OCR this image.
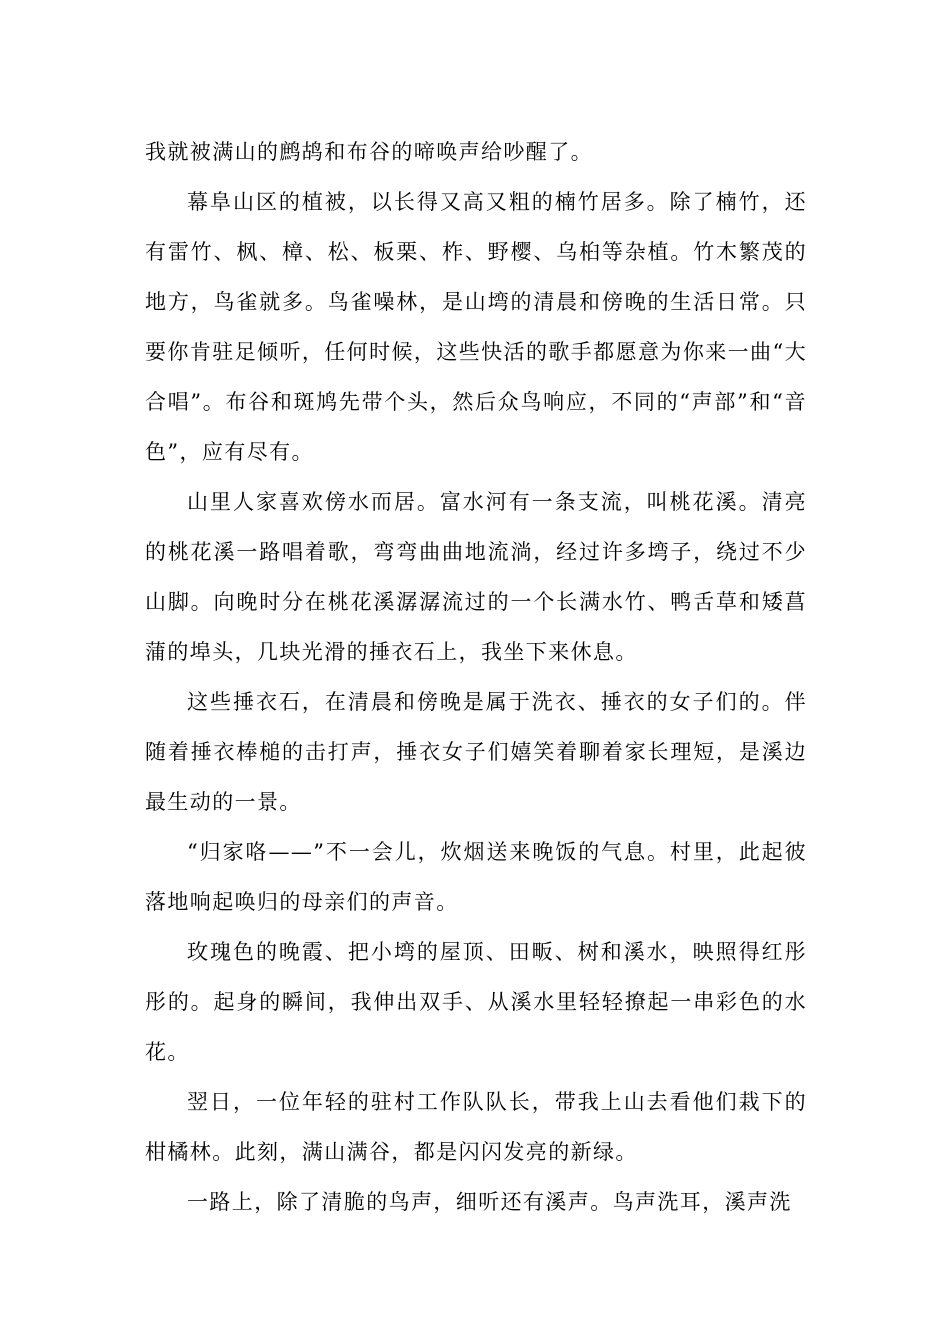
我就被满山的鹧鸪和布谷的啼唤声给吵醒了。

幕阜山区的植被，以长得又高又粗的楠竹居多。除了楠竹，还有雷竹、枫、樟、松、板栗、柞、野樱、乌桕等杂植。竹木繁茂的地方，鸟雀就多。鸟雀噪林，是山塆的清晨和傍晚的生活日常。只要你肯驻足倾听，任何时候，这些快活的歌手都愿意为你来一曲“大合唱”。布谷和斑鸠先带个头，然后众鸟响应，不同的“声部”和“音色”，应有尽有。

山里人家喜欢傍水而居。富水河有一条支流，叫桃花溪。清亮的桃花溪一路唱着歌，弯弯曲曲地流淌，经过许多塆子，绕过不少山脚。向晚时分在桃花溪潺潺流过的一个长满水竹、鸭舌草和矮菖蒲的埠头，几块光滑的捶衣石上，我坐下来休息。

这些捶衣石，在清晨和傍晚是属于洗衣、捶衣的女子们的。伴随着捶衣棒槌的击打声，捶衣女子们嬉笑着聊着家长理短，是溪边最生动的一景。

“归家咯——”不一会儿，炊烟送来晚饭的气息。村里，此起彼落地响起唤归的母亲们的声音。

玫瑰色的晚霞、把小塆的屋顶、田畈、树和溪水，映照得红彤彤的。起身的瞬间，我伸出双手、从溪水里轻轻撩起一串彩色的水花。

翌日，一位年轻的驻村工作队队长，带我上山去看他们栽下的柑橘林。此刻，满山满谷，都是闪闪发亮的新绿。

一路上，除了清脆的鸟声，细听还有溪声。鸟声洗耳，溪声洗
